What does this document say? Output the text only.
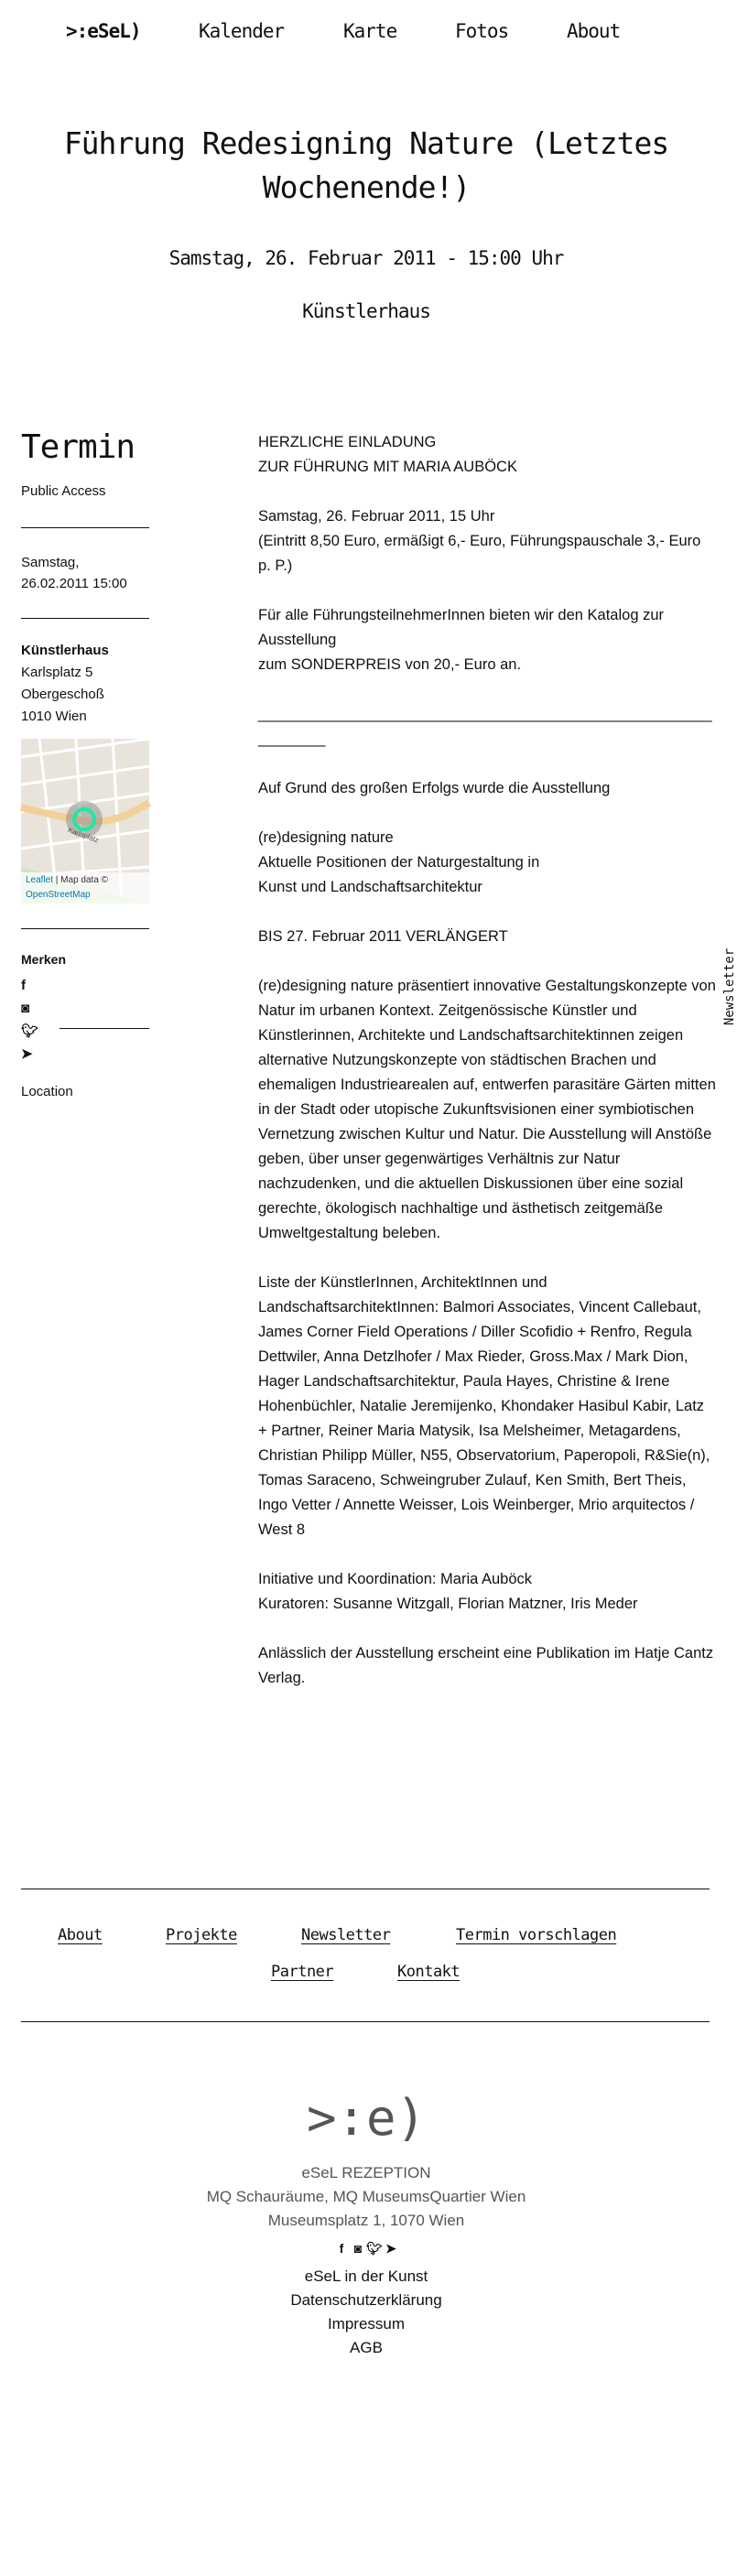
>:eSeL)	Kalender	Karte	Fotos	About
Führung Redesigning Nature (Letztes Wochenende!)
Samstag, 26. Februar 2011 - 15:00 Uhr
Künstlerhaus
Termin
Public Access
Samstag,
26.02.2011 15:00
Künstlerhaus
Karlsplatz 5
Obergeschoß
1010 Wien
Karlsplatz
Leaflet | Map data ©
OpenStreetMap
Merken
f
◙
🐦︎
➤
Location

HERZLICHE EINLADUNG
ZUR FÜHRUNG MIT MARIA AUBÖCK

Samstag, 26. Februar 2011, 15 Uhr
(Eintritt 8,50 Euro, ermäßigt 6,- Euro, Führungspauschale 3,- Euro p. P.)

Für alle FührungsteilnehmerInnen bieten wir den Katalog zur Ausstellung
zum SONDERPREIS von 20,- Euro an.

______________________________________________________________

Auf Grund des großen Erfolgs wurde die Ausstellung

(re)designing nature
Aktuelle Positionen der Naturgestaltung in
Kunst und Landschaftsarchitektur

BIS 27. Februar 2011 VERLÄNGERT

(re)designing nature präsentiert innovative Gestaltungskonzepte von Natur im urbanen Kontext. Zeitgenössische Künstler und Künstlerinnen, Architekte und Landschaftsarchitektinnen zeigen alternative Nutzungskonzepte von städtischen Brachen und ehemaligen Industriearealen auf, entwerfen parasitäre Gärten mitten in der Stadt oder utopische Zukunftsvisionen einer symbiotischen Vernetzung zwischen Kultur und Natur. Die Ausstellung will Anstöße geben, über unser gegenwärtiges Verhältnis zur Natur nachzudenken, und die aktuellen Diskussionen über eine sozial gerechte, ökologisch nachhaltige und ästhetisch zeitgemäße Umweltgestaltung beleben.

Liste der KünstlerInnen, ArchitektInnen und LandschaftsarchitektInnen: Balmori Associates, Vincent Callebaut, James Corner Field Operations / Diller Scofidio + Renfro, Regula Dettwiler, Anna Detzlhofer / Max Rieder, Gross.Max / Mark Dion, Hager Landschaftsarchitektur, Paula Hayes, Christine & Irene Hohenbüchler, Natalie Jeremijenko, Khondaker Hasibul Kabir, Latz + Partner, Reiner Maria Matysik, Isa Melsheimer, Metagardens, Christian Philipp Müller, N55, Observatorium, Paperopoli, R&Sie(n), Tomas Saraceno, Schweingruber Zulauf, Ken Smith, Bert Theis, Ingo Vetter / Annette Weisser, Lois Weinberger, Mrio arquitectos / West 8

Initiative und Koordination: Maria Auböck
Kuratoren: Susanne Witzgall, Florian Matzner, Iris Meder

Anlässlich der Ausstellung erscheint eine Publikation im Hatje Cantz Verlag.

Newsletter
About	Projekte	Newsletter	Termin vorschlagen
Partner	Kontakt
>:e)
eSeL REZEPTION
MQ Schauräume, MQ MuseumsQuartier Wien
Museumsplatz 1, 1070 Wien
f ◙ 🐦︎ ➤
eSeL in der Kunst
Datenschutzerklärung
Impressum
AGB
